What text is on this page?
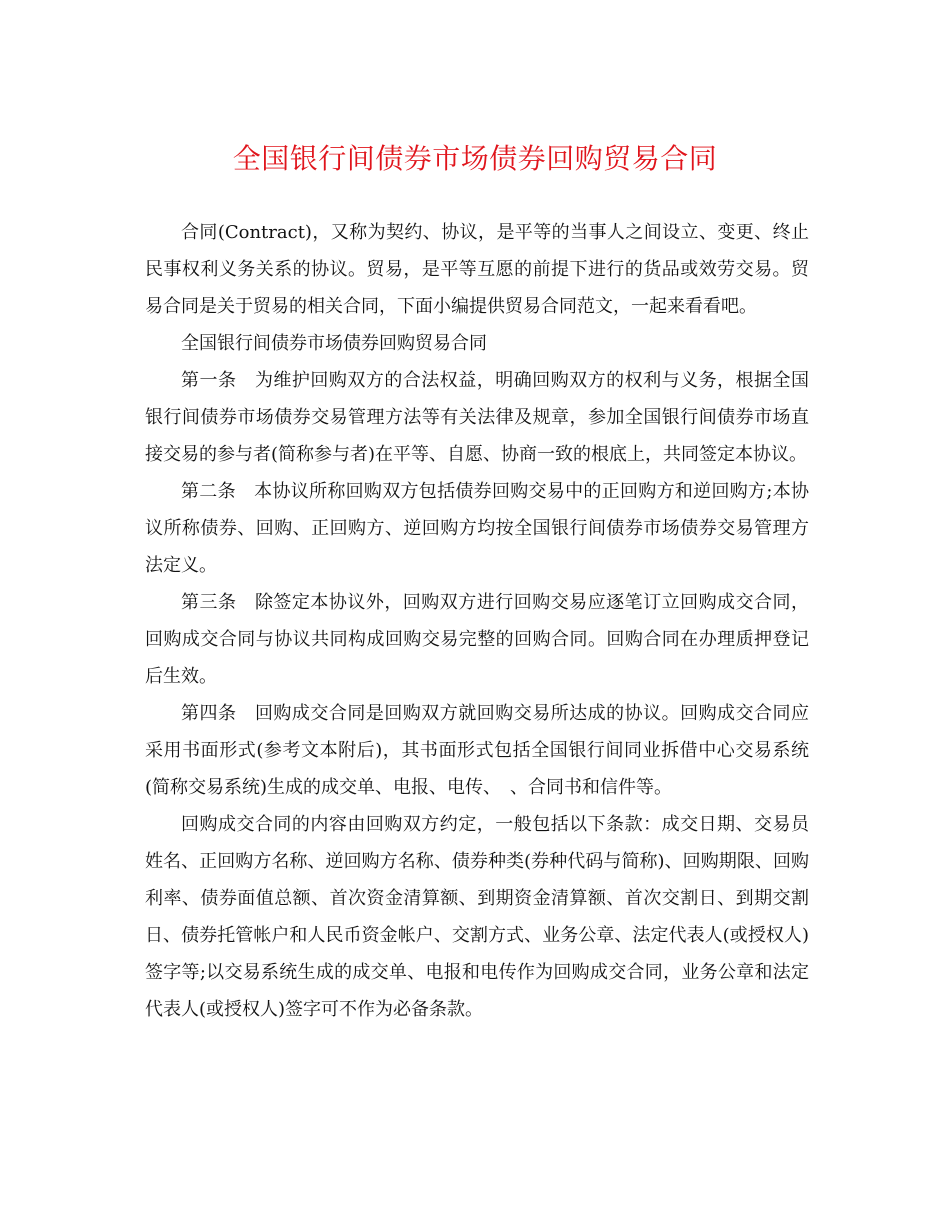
全国银行间债券市场债券回购贸易合同

合同(Contract)，又称为契约、协议，是平等的当事人之间设立、变更、终止民事权利义务关系的协议。贸易，是平等互愿的前提下进行的货品或效劳交易。贸易合同是关于贸易的相关合同，下面小编提供贸易合同范文，一起来看看吧。

全国银行间债券市场债券回购贸易合同

第一条　为维护回购双方的合法权益，明确回购双方的权利与义务，根据全国银行间债券市场债券交易管理方法等有关法律及规章，参加全国银行间债券市场直接交易的参与者(简称参与者)在平等、自愿、协商一致的根底上，共同签定本协议。

第二条　本协议所称回购双方包括债券回购交易中的正回购方和逆回购方;本协议所称债券、回购、正回购方、逆回购方均按全国银行间债券市场债券交易管理方法定义。

第三条　除签定本协议外，回购双方进行回购交易应逐笔订立回购成交合同，回购成交合同与协议共同构成回购交易完整的回购合同。回购合同在办理质押登记后生效。

第四条　回购成交合同是回购双方就回购交易所达成的协议。回购成交合同应采用书面形式(参考文本附后)，其书面形式包括全国银行间同业拆借中心交易系统(简称交易系统)生成的成交单、电报、电传、　、合同书和信件等。

回购成交合同的内容由回购双方约定，一般包括以下条款：成交日期、交易员姓名、正回购方名称、逆回购方名称、债券种类(券种代码与简称)、回购期限、回购利率、债券面值总额、首次资金清算额、到期资金清算额、首次交割日、到期交割日、债券托管帐户和人民币资金帐户、交割方式、业务公章、法定代表人(或授权人)签字等;以交易系统生成的成交单、电报和电传作为回购成交合同，业务公章和法定代表人(或授权人)签字可不作为必备条款。
